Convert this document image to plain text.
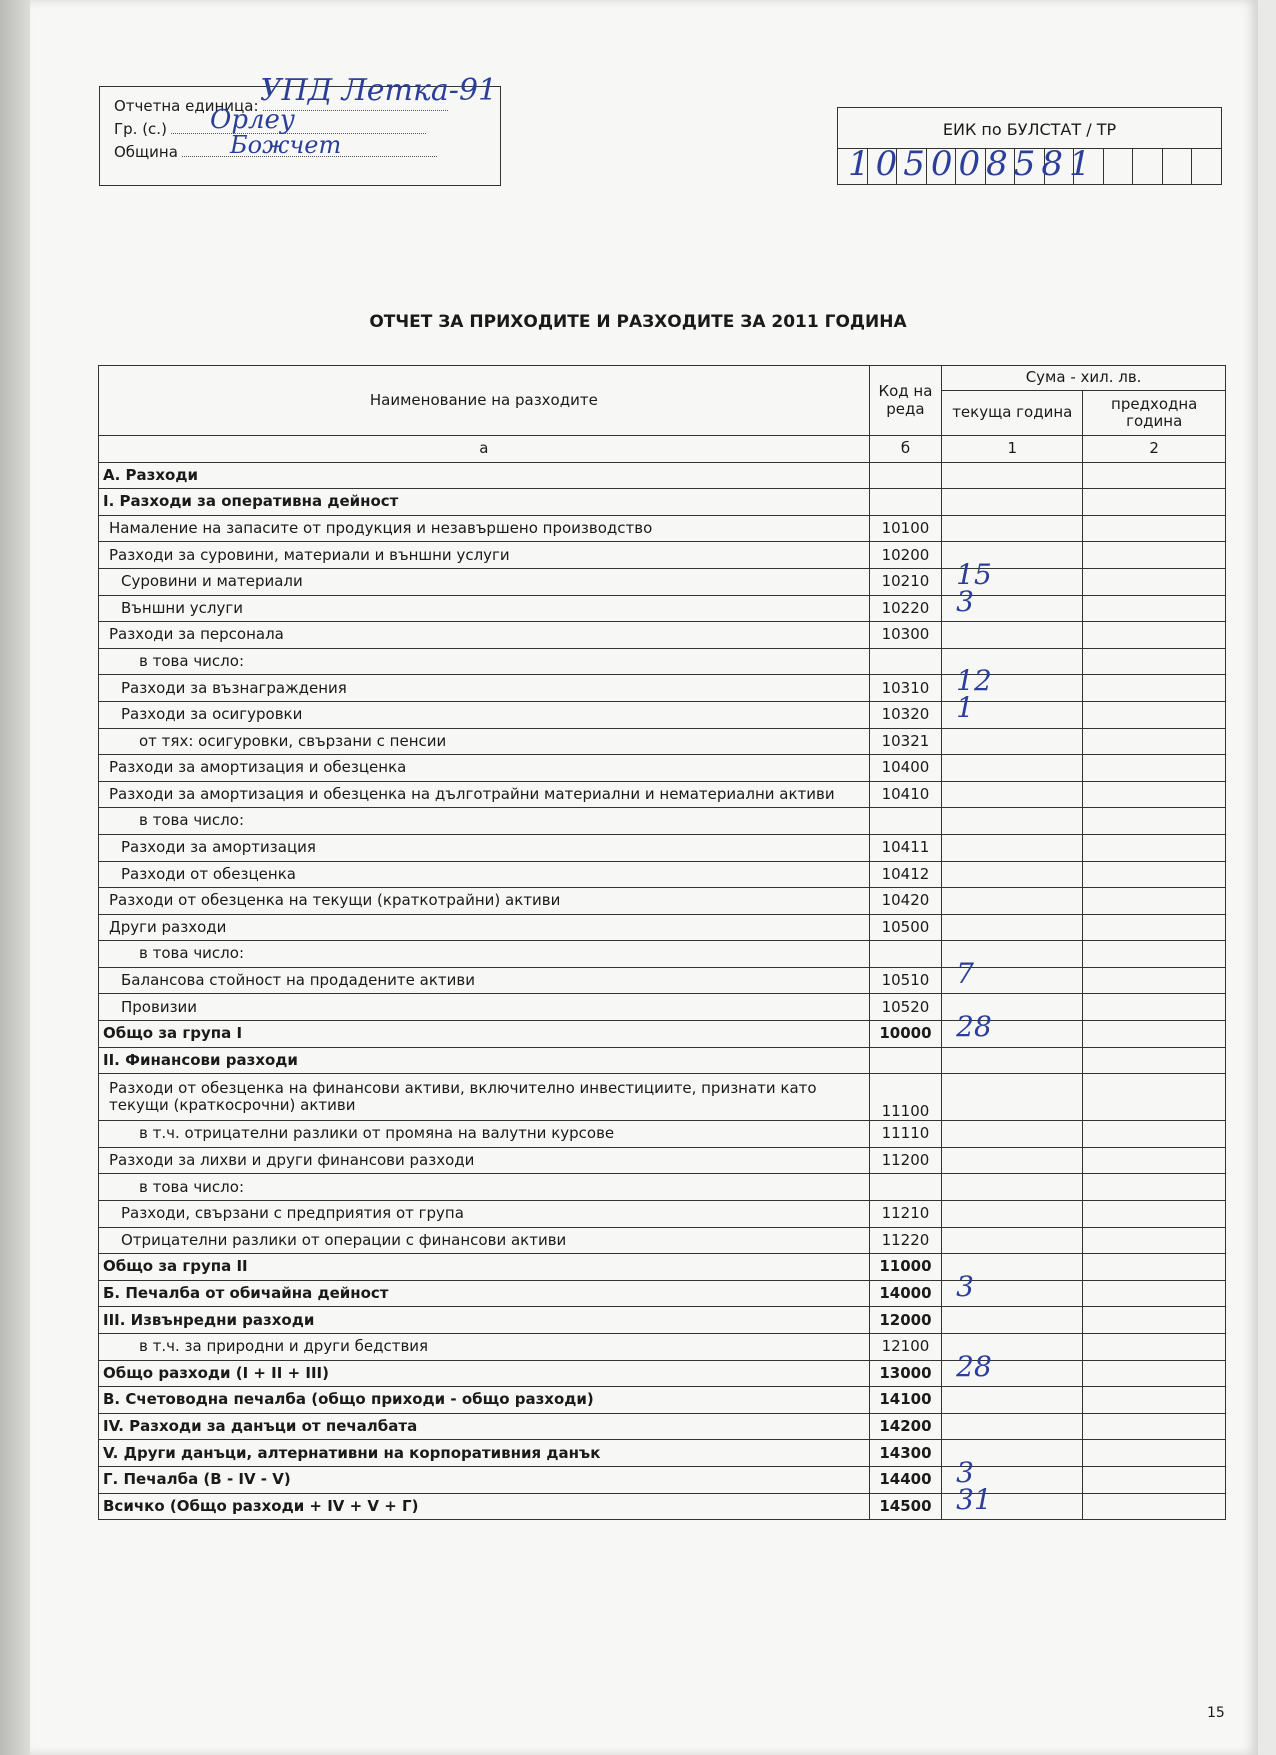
Отчетна единица:
Гр. (с.)
Община
УПД Летка-91
Орлеу
Божчет
ЕИК по БУЛСТАТ / ТР
105008581
ОТЧЕТ ЗА ПРИХОДИТЕ И РАЗХОДИТЕ ЗА 2011 ГОДИНА
Наименование на разходите	Код на реда	Сума - хил. лв.	
		текуща година	предходна година
а	б	1	2
А. Разходи		

I. Разходи за оперативна дейност		

Намаление на запасите от продукция и незавършено производство	10100	

Разходи за суровини, материали и външни услуги	10200	

Суровини и материали	10210	15	

Външни услуги	10220	3	

Разходи за персонала	10300	

в това число:		

Разходи за възнаграждения	10310	12	

Разходи за осигуровки	10320	1	

от тях: осигуровки, свързани с пенсии	10321	

Разходи за амортизация и обезценка	10400	

Разходи за амортизация и обезценка на дълготрайни материални и нематериални активи	10410	

в това число:		

Разходи за амортизация	10411	

Разходи от обезценка	10412	

Разходи от обезценка на текущи (краткотрайни) активи	10420	

Други разходи	10500	

в това число:		

Балансова стойност на продадените активи	10510	7	

Провизии	10520	

Общо за група I	10000	28	

II. Финансови разходи		

Разходи от обезценка на финансови активи, включително инвестициите, признати като текущи (краткосрочни) активи	11100	

в т.ч. отрицателни разлики от промяна на валутни курсове	11110	

Разходи за лихви и други финансови разходи	11200	

в това число:		

Разходи, свързани с предприятия от група	11210	

Отрицателни разлики от операции с финансови активи	11220	

Общо за група II	11000	

Б. Печалба от обичайна дейност	14000	3	

III. Извънредни разходи	12000	

в т.ч. за природни и други бедствия	12100	

Общо разходи (I + II + III)	13000	28	

В. Счетоводна печалба (общо приходи - общо разходи)	14100	

IV. Разходи за данъци от печалбата	14200	

V. Други данъци, алтернативни на корпоративния данък	14300	

Г. Печалба (В - IV - V)	14400	3	

Всичко (Общо разходи + IV + V + Г)	14500	31	

15
